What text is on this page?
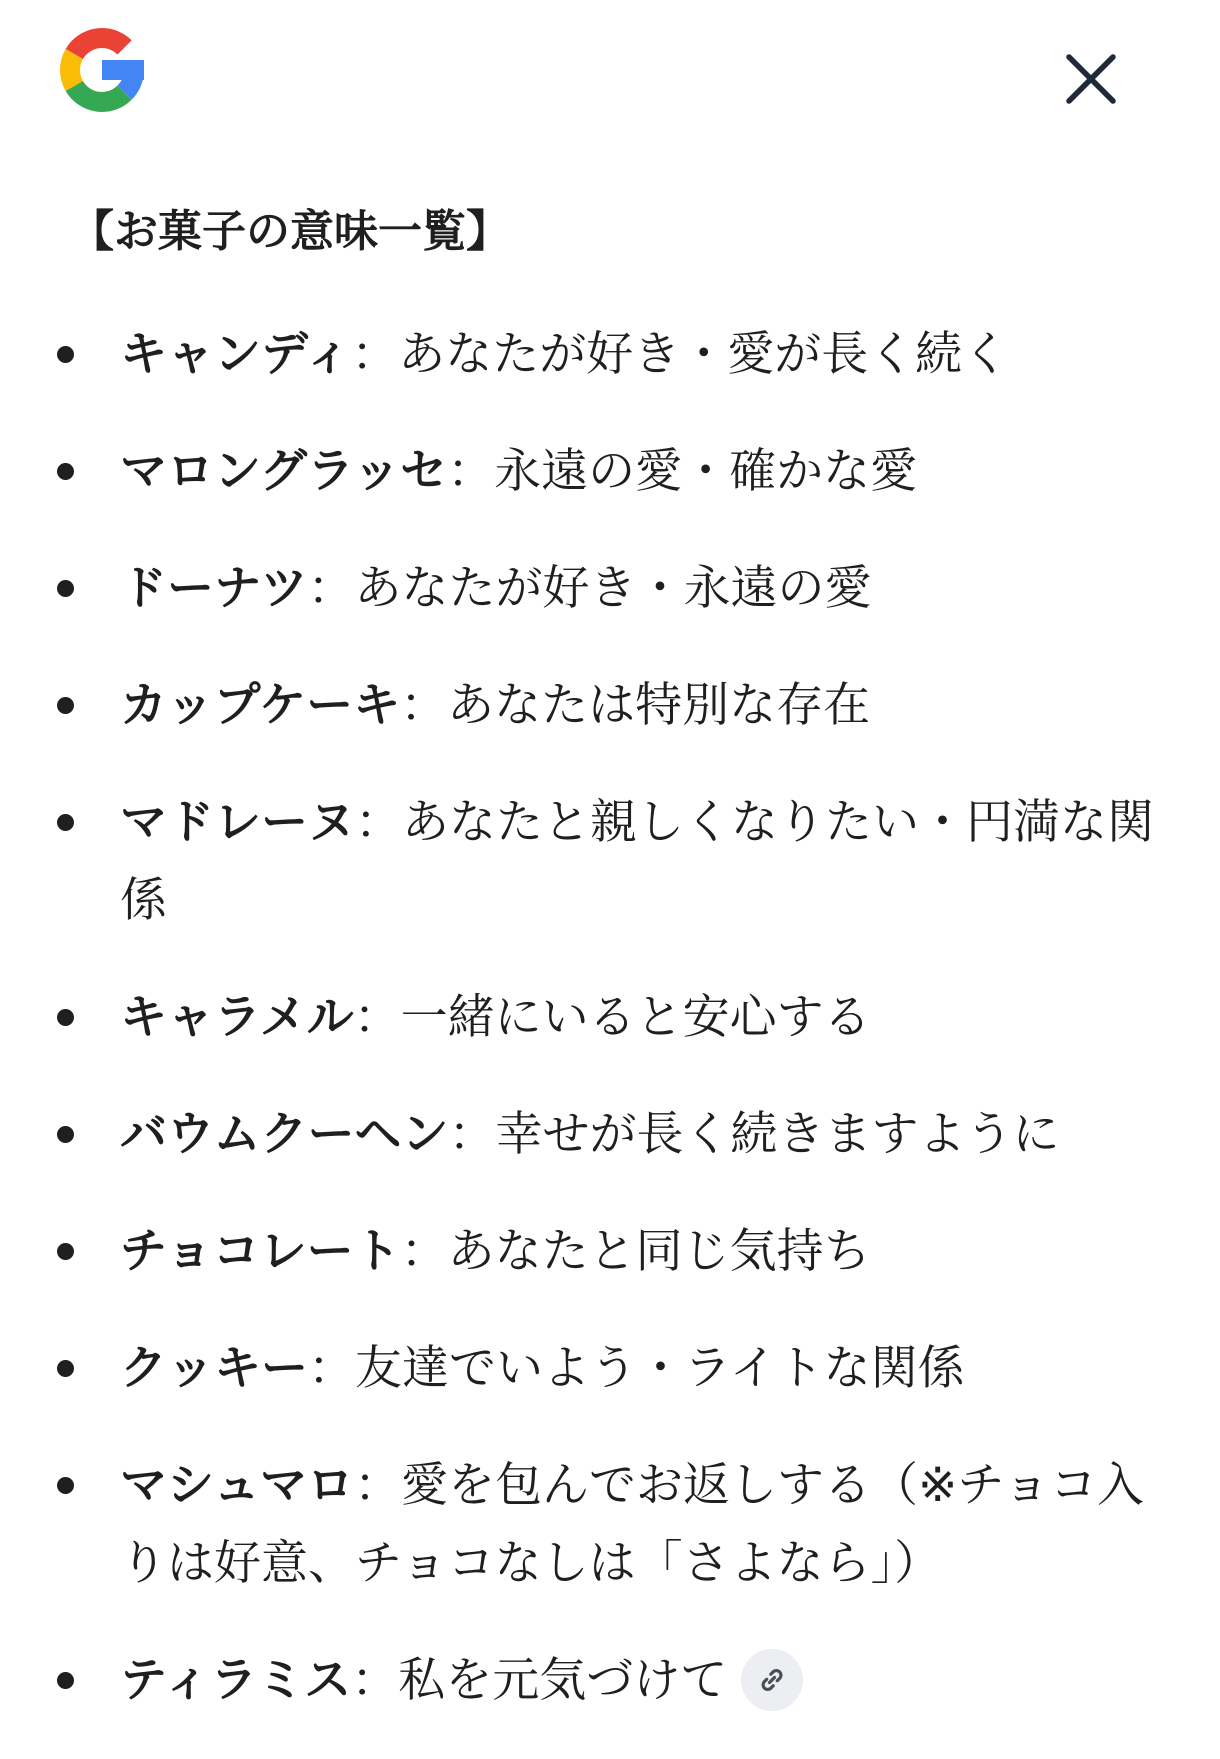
【お菓子の意味一覧】
キャンディ：あなたが好き・愛が長く続く
マロングラッセ：永遠の愛・確かな愛
ドーナツ：あなたが好き・永遠の愛
カップケーキ：あなたは特別な存在
マドレーヌ：あなたと親しくなりたい・円満な関係
キャラメル：一緒にいると安心する
バウムクーヘン：幸せが長く続きますように
チョコレート：あなたと同じ気持ち
クッキー：友達でいよう・ライトな関係
マシュマロ：愛を包んでお返しする（※チョコ入りは好意、チョコなしは「さよなら」）
ティラミス：私を元気づけて
